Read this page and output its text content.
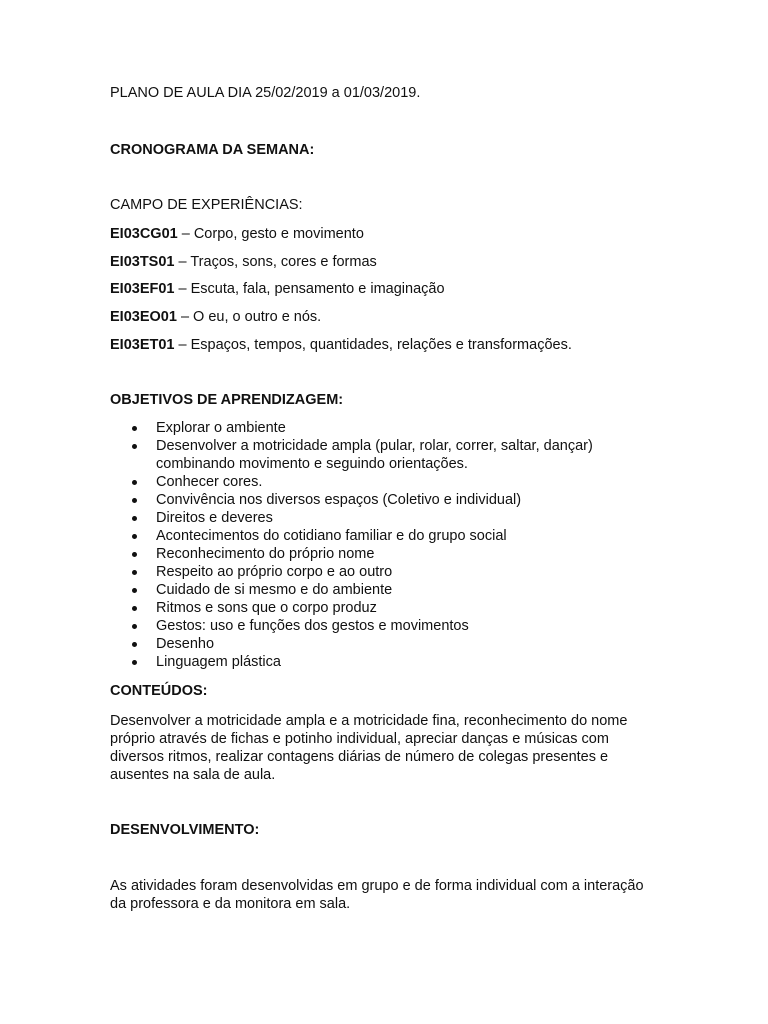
PLANO DE AULA DIA 25/02/2019 a 01/03/2019.
CRONOGRAMA DA SEMANA:
CAMPO DE EXPERIÊNCIAS:
EI03CG01 – Corpo, gesto e movimento
EI03TS01 – Traços, sons, cores e formas
EI03EF01 – Escuta, fala, pensamento e imaginação
EI03EO01 – O eu, o outro e nós.
EI03ET01 – Espaços, tempos, quantidades, relações e transformações.
OBJETIVOS DE APRENDIZAGEM:
Explorar o ambiente
Desenvolver a motricidade ampla (pular, rolar, correr, saltar, dançar) combinando movimento e seguindo orientações.
Conhecer cores.
Convivência nos diversos espaços (Coletivo e individual)
Direitos e deveres
Acontecimentos do cotidiano familiar e do grupo social
Reconhecimento do próprio nome
Respeito ao próprio corpo e ao outro
Cuidado de si mesmo e do ambiente
Ritmos e sons que o corpo produz
Gestos: uso e funções dos gestos e movimentos
Desenho
Linguagem plástica
CONTEÚDOS:
Desenvolver a motricidade ampla e a motricidade fina, reconhecimento do nome próprio através de fichas e potinho individual, apreciar danças e músicas com diversos ritmos, realizar contagens diárias de número de colegas presentes e ausentes na sala de aula.
DESENVOLVIMENTO:
As atividades foram desenvolvidas em grupo e de forma individual com a interação da professora e da monitora em sala.
